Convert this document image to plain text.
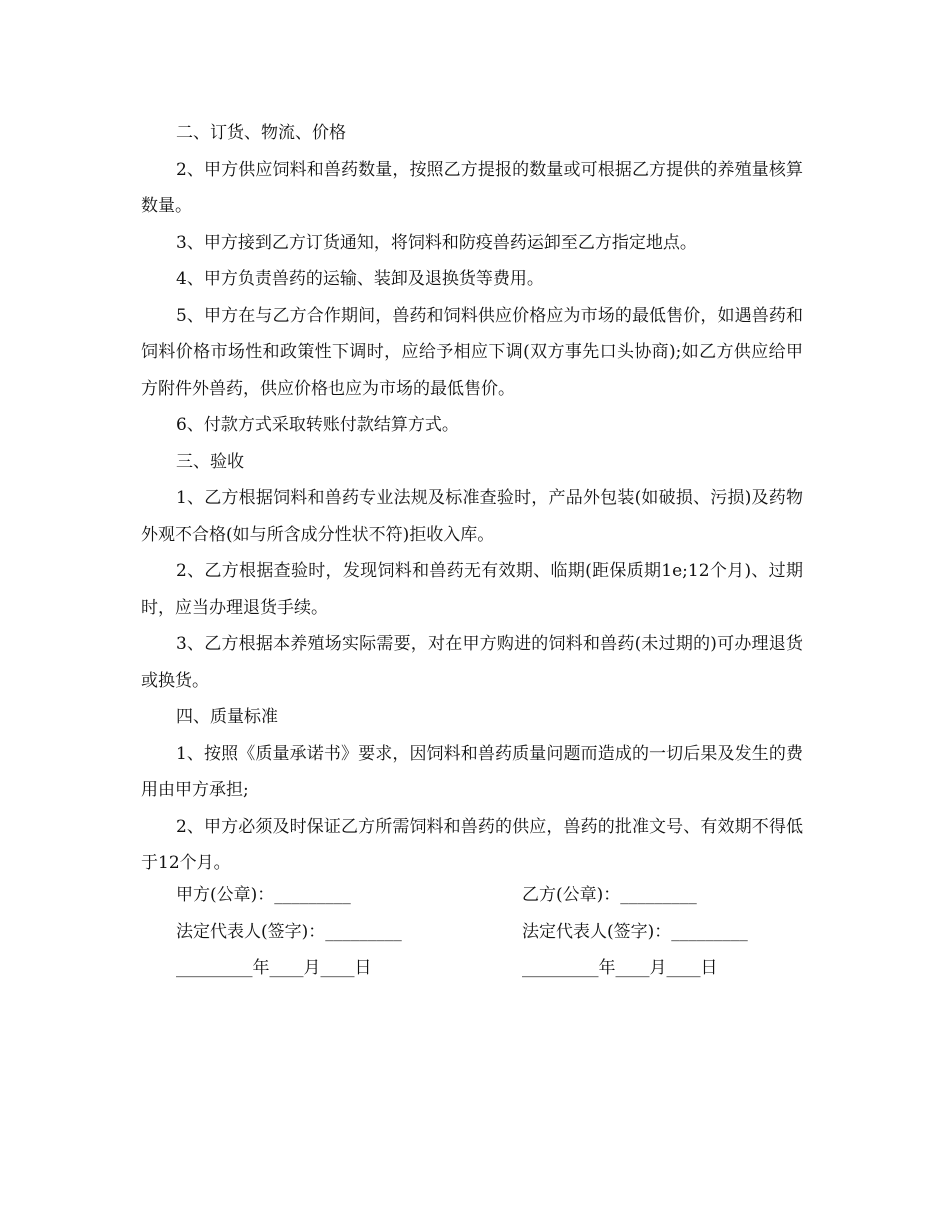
二、订货、物流、价格

2、甲方供应饲料和兽药数量，按照乙方提报的数量或可根据乙方提供的养殖量核算数量。

3、甲方接到乙方订货通知，将饲料和防疫兽药运卸至乙方指定地点。

4、甲方负责兽药的运输、装卸及退换货等费用。

5、甲方在与乙方合作期间，兽药和饲料供应价格应为市场的最低售价，如遇兽药和饲料价格市场性和政策性下调时，应给予相应下调(双方事先口头协商);如乙方供应给甲方附件外兽药，供应价格也应为市场的最低售价。

6、付款方式采取转账付款结算方式。

三、验收

1、乙方根据饲料和兽药专业法规及标准查验时，产品外包装(如破损、污损)及药物外观不合格(如与所含成分性状不符)拒收入库。

2、乙方根据查验时，发现饲料和兽药无有效期、临期(距保质期1e;12个月)、过期时，应当办理退货手续。

3、乙方根据本养殖场实际需要，对在甲方购进的饲料和兽药(未过期的)可办理退货或换货。

四、质量标准

1、按照《质量承诺书》要求，因饲料和兽药质量问题而造成的一切后果及发生的费用由甲方承担;

2、甲方必须及时保证乙方所需饲料和兽药的供应，兽药的批准文号、有效期不得低于12个月。

甲方(公章)：_________	乙方(公章)：_________
法定代表人(签字)：_________	法定代表人(签字)：_________
_________年____月____日	_________年____月____日
